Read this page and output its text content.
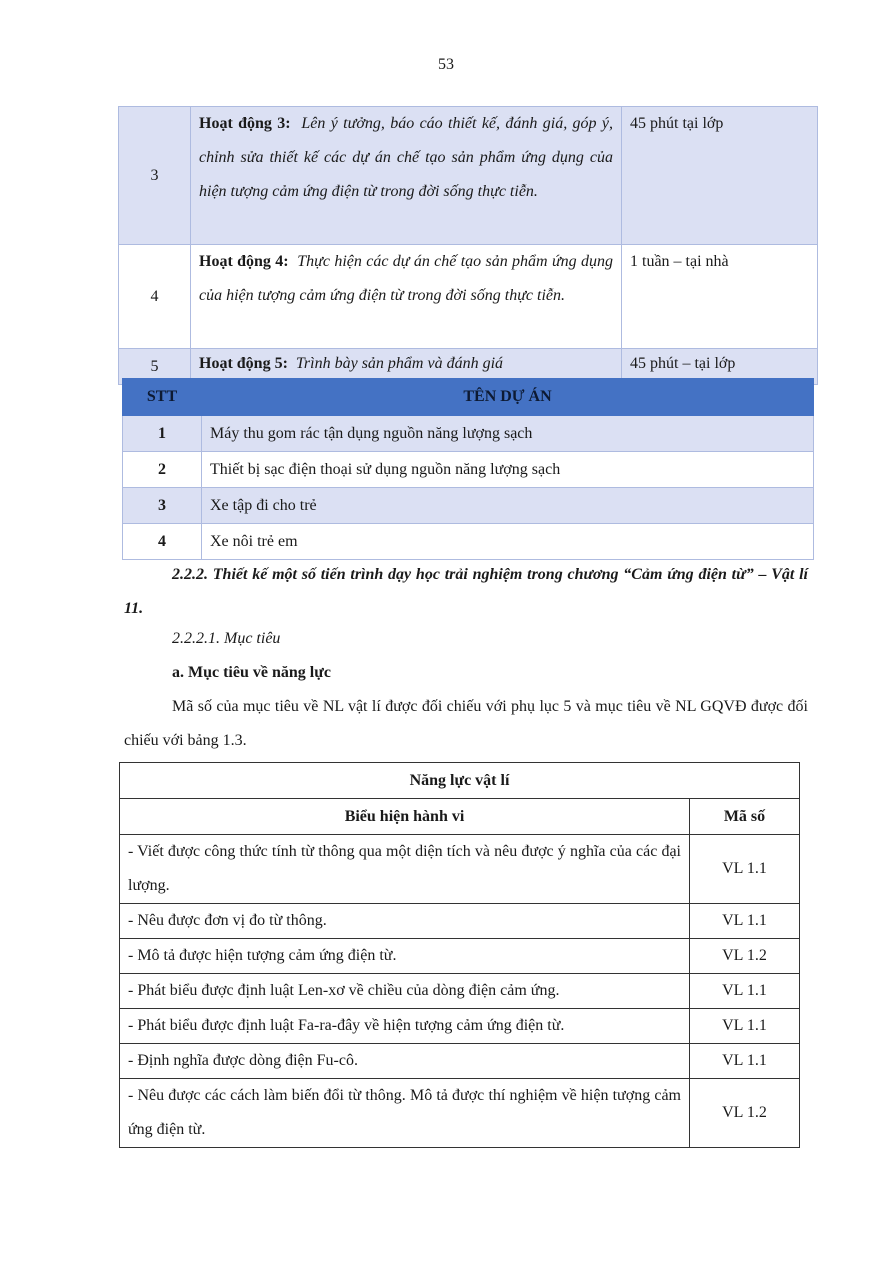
53
3	Hoạt động 3: Lên ý tưởng, báo cáo thiết kế, đánh giá, góp ý, chỉnh sửa thiết kế các dự án chế tạo sản phẩm ứng dụng của hiện tượng cảm ứng điện từ trong đời sống thực tiễn.	45 phút tại lớp
4	Hoạt động 4: Thực hiện các dự án chế tạo sản phẩm ứng dụng của hiện tượng cảm ứng điện từ trong đời sống thực tiễn.	1 tuần – tại nhà
5	Hoạt động 5: Trình bày sản phẩm và đánh giá	45 phút – tại lớp
STT	TÊN DỰ ÁN
1	Máy thu gom rác tận dụng nguồn năng lượng sạch
2	Thiết bị sạc điện thoại sử dụng nguồn năng lượng sạch
3	Xe tập đi cho trẻ
4	Xe nôi trẻ em
2.2.2. Thiết kế một số tiến trình dạy học trải nghiệm trong chương “Cảm ứng điện từ” – Vật lí 11.
2.2.2.1. Mục tiêu
a. Mục tiêu về năng lực
Mã số của mục tiêu về NL vật lí được đối chiếu với phụ lục 5 và mục tiêu về NL GQVĐ được đối chiếu với bảng 1.3.
Năng lực vật lí	
Biểu hiện hành vi	Mã số
- Viết được công thức tính từ thông qua một diện tích và nêu được ý nghĩa của các đại lượng.	VL 1.1
- Nêu được đơn vị đo từ thông.	VL 1.1
- Mô tả được hiện tượng cảm ứng điện từ.	VL 1.2
- Phát biểu được định luật Len-xơ về chiều của dòng điện cảm ứng.	VL 1.1
- Phát biểu được định luật Fa-ra-đây về hiện tượng cảm ứng điện từ.	VL 1.1
- Định nghĩa được dòng điện Fu-cô.	VL 1.1
- Nêu được các cách làm biến đổi từ thông. Mô tả được thí nghiệm về hiện tượng cảm ứng điện từ.	VL 1.2
